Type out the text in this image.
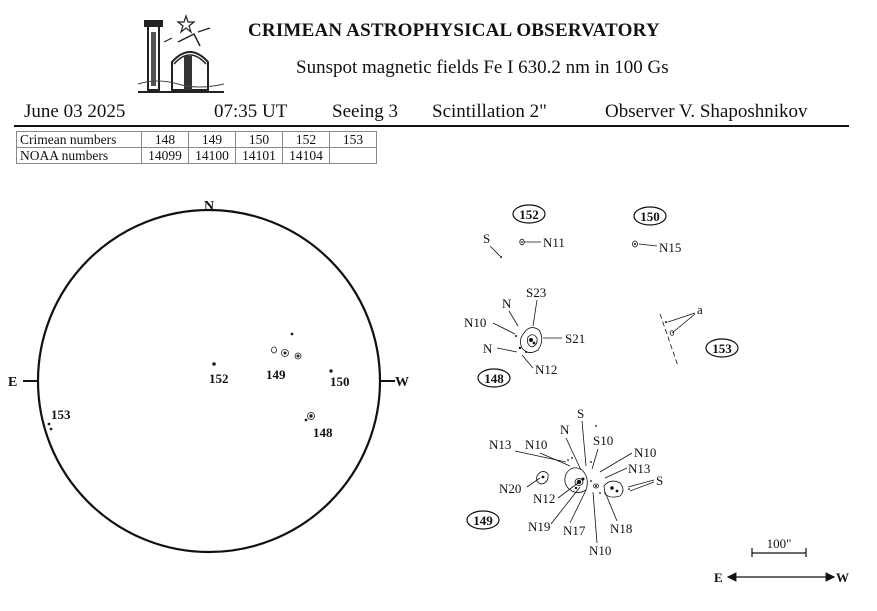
CRIMEAN ASTROPHYSICAL OBSERVATORY
Sunspot magnetic fields Fe I 630.2 nm in 100 Gs
June 03 2025	07:35 UT Seeing 3 Scintillation 2"	Observer V. Shaposhnikov
Crimean numbers	148	149	150	152	153
NOAA numbers	14099	14100	14101	14104	
N
E	W
152	149	150
153
148
152
S	N11
150
N15
148
N
S23
N10
S21
N
N12
153
a
149
S
N13 N10
N
S10
N10
N13
S
N20
N12
N19 N17 N18
N10	100"
E	W
